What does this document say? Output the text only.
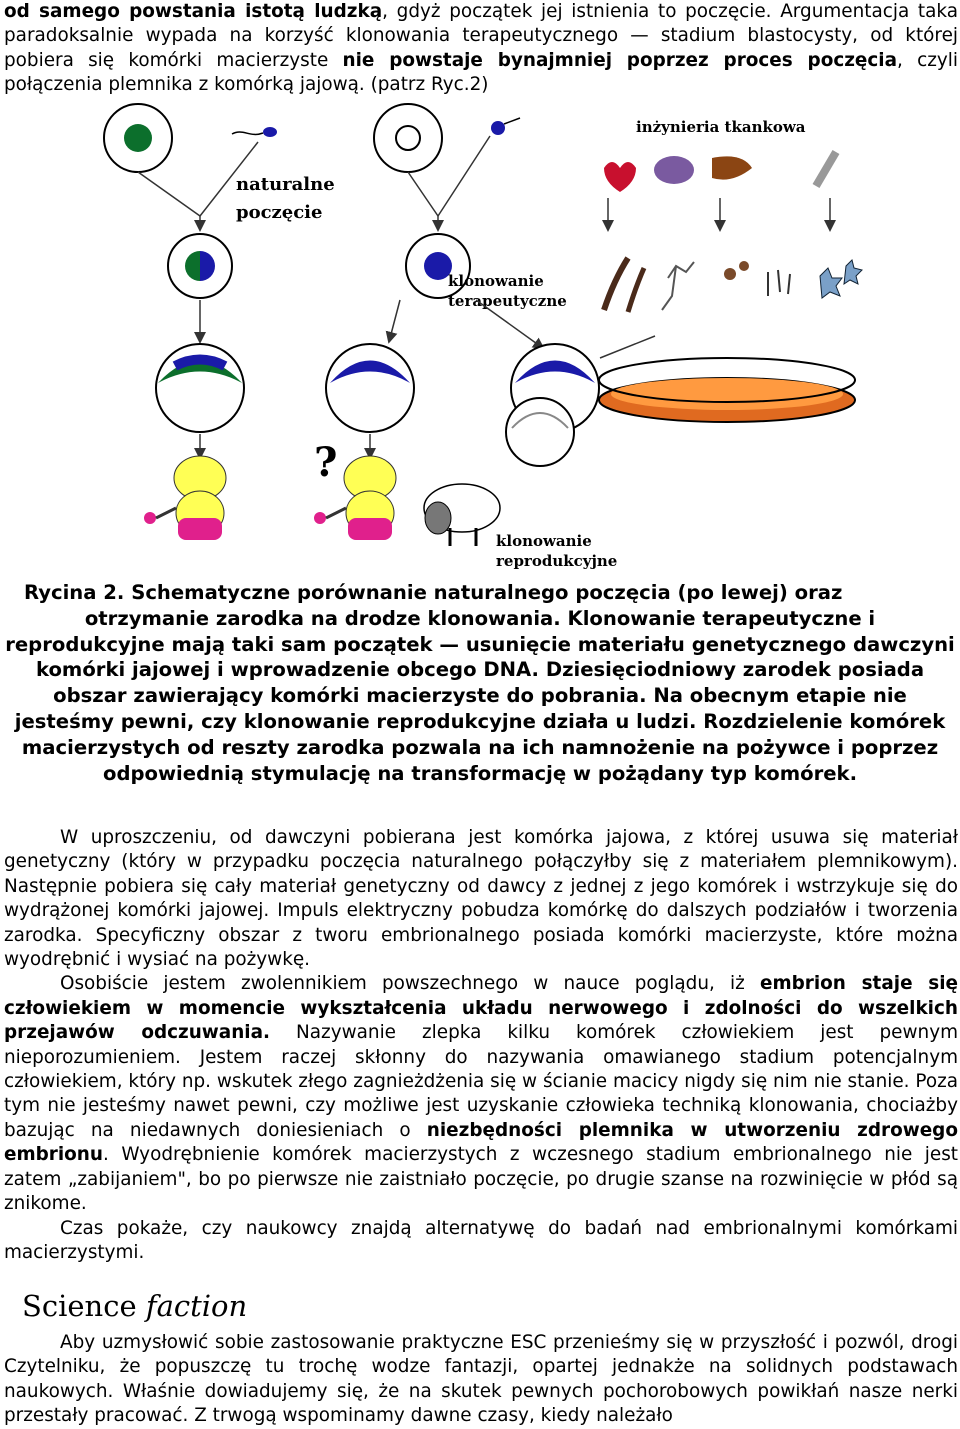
od samego powstania istotą ludzką, gdyż początek jej istnienia to poczęcie. Argumentacja taka paradoksalnie wypada na korzyść klonowania terapeutycznego — stadium blastocysty, od której pobiera się komórki macierzyste nie powstaje bynajmniej poprzez proces poczęcia, czyli połączenia plemnika z komórką jajową. (patrz Ryc.2)

naturalne
poczęcie
klonowanie
terapeutyczne
?
klonowanie
reprodukcyjne
inżynieria tkankowa
Rycina 2. Schematyczne porównanie naturalnego poczęcia (po lewej) oraz
otrzymanie zarodka na drodze klonowania. Klonowanie terapeutyczne i reprodukcyjne mają taki sam początek — usunięcie materiału genetycznego dawczyni komórki jajowej i wprowadzenie obcego DNA. Dziesięciodniowy zarodek posiada obszar zawierający komórki macierzyste do pobrania. Na obecnym etapie nie jesteśmy pewni, czy klonowanie reprodukcyjne działa u ludzi. Rozdzielenie komórek macierzystych od reszty zarodka pozwala na ich namnożenie na pożywce i poprzez odpowiednią stymulację na transformację w pożądany typ komórek.

W uproszczeniu, od dawczyni pobierana jest komórka jajowa, z której usuwa się materiał genetyczny (który w przypadku poczęcia naturalnego połączyłby się z materiałem plemnikowym). Następnie pobiera się cały materiał genetyczny od dawcy z jednej z jego komórek i wstrzykuje się do wydrążonej komórki jajowej. Impuls elektryczny pobudza komórkę do dalszych podziałów i tworzenia zarodka. Specyficzny obszar z tworu embrionalnego posiada komórki macierzyste, które można wyodrębnić i wysiać na pożywkę.

Osobiście jestem zwolennikiem powszechnego w nauce poglądu, iż embrion staje się człowiekiem w momencie wykształcenia układu nerwowego i zdolności do wszelkich przejawów odczuwania. Nazywanie zlepka kilku komórek człowiekiem jest pewnym nieporozumieniem. Jestem raczej skłonny do nazywania omawianego stadium potencjalnym człowiekiem, który np. wskutek złego zagnieżdżenia się w ścianie macicy nigdy się nim nie stanie. Poza tym nie jesteśmy nawet pewni, czy możliwe jest uzyskanie człowieka techniką klonowania, chociażby bazując na niedawnych doniesieniach o niezbędności plemnika w utworzeniu zdrowego embrionu. Wyodrębnienie komórek macierzystych z wczesnego stadium embrionalnego nie jest zatem „zabijaniem", bo po pierwsze nie zaistniało poczęcie, po drugie szanse na rozwinięcie w płód są znikome.

Czas pokaże, czy naukowcy znajdą alternatywę do badań nad embrionalnymi komórkami macierzystymi.

Science faction

Aby uzmysłowić sobie zastosowanie praktyczne ESC przenieśmy się w przyszłość i pozwól, drogi Czytelniku, że popuszczę tu trochę wodze fantazji, opartej jednakże na solidnych podstawach naukowych. Właśnie dowiadujemy się, że na skutek pewnych pochorobowych powikłań nasze nerki przestały pracować. Z trwogą wspominamy dawne czasy, kiedy należało
